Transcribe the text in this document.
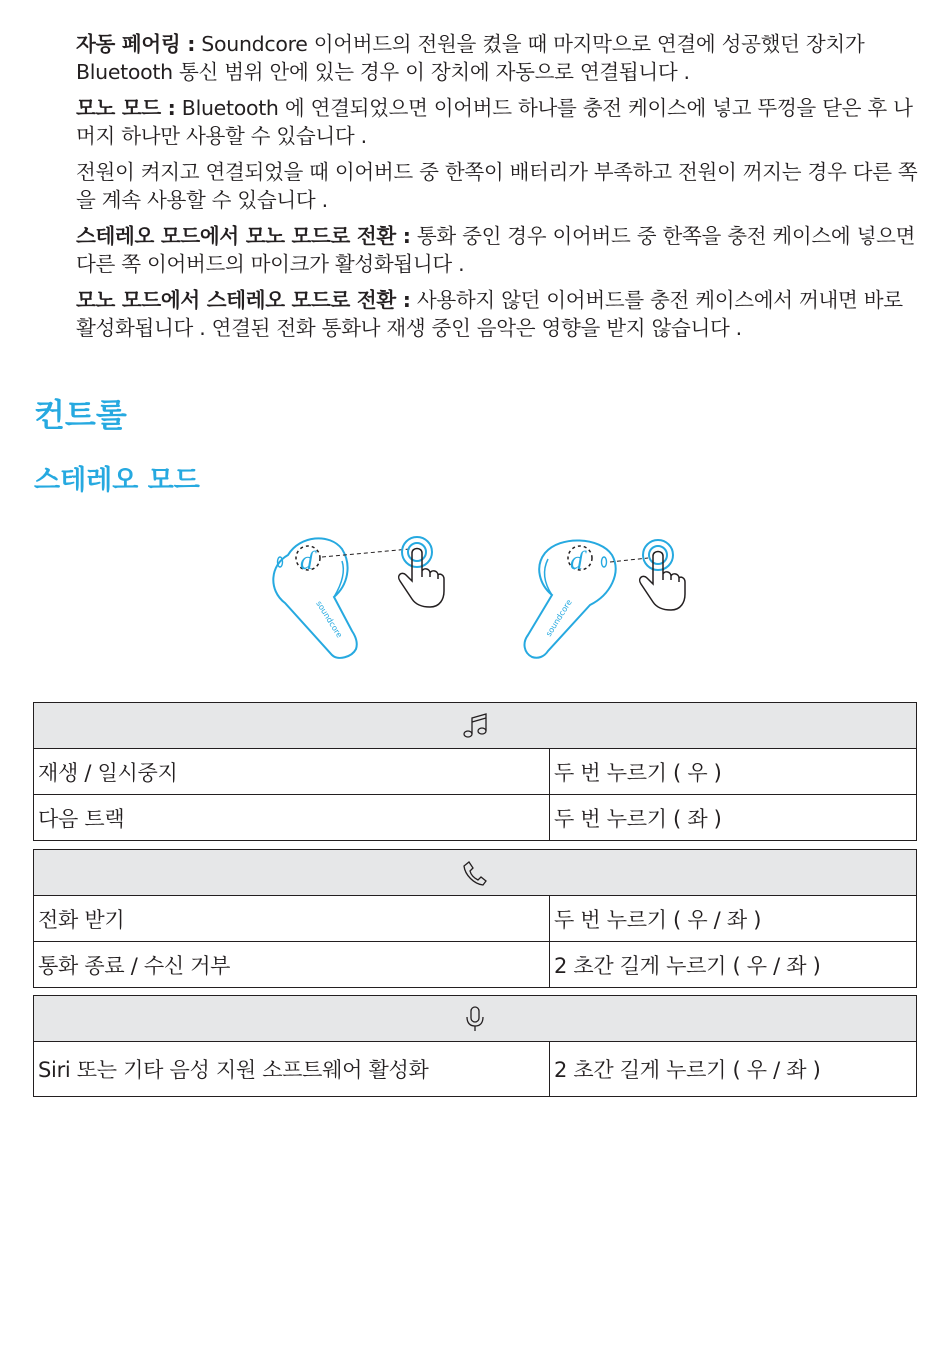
자동 페어링 : Soundcore 이어버드의 전원을 켰을 때 마지막으로 연결에 성공했던 장치가 Bluetooth 통신 범위 안에 있는 경우 이 장치에 자동으로 연결됩니다 .

모노 모드 : Bluetooth 에 연결되었으면 이어버드 하나를 충전 케이스에 넣고 뚜껑을 닫은 후 나머지 하나만 사용할 수 있습니다 .

전원이 켜지고 연결되었을 때 이어버드 중 한쪽이 배터리가 부족하고 전원이 꺼지는 경우 다른 쪽을 계속 사용할 수 있습니다 .

스테레오 모드에서 모노 모드로 전환 : 통화 중인 경우 이어버드 중 한쪽을 충전 케이스에 넣으면 다른 쪽 이어버드의 마이크가 활성화됩니다 .

모노 모드에서 스테레오 모드로 전환 : 사용하지 않던 이어버드를 충전 케이스에서 꺼내면 바로 활성화됩니다 . 연결된 전화 통화나 재생 중인 음악은 영향을 받지 않습니다 .

컨트롤
스테레오 모드
ɗ
soundcore
ɗ
soundcore

재생 / 일시중지	두 번 누르기 ( 우 )
다음 트랙	두 번 누르기 ( 좌 )

전화 받기	두 번 누르기 ( 우 / 좌 )
통화 종료 / 수신 거부	2 초간 길게 누르기 ( 우 / 좌 )

Siri 또는 기타 음성 지원 소프트웨어 활성화	2 초간 길게 누르기 ( 우 / 좌 )
